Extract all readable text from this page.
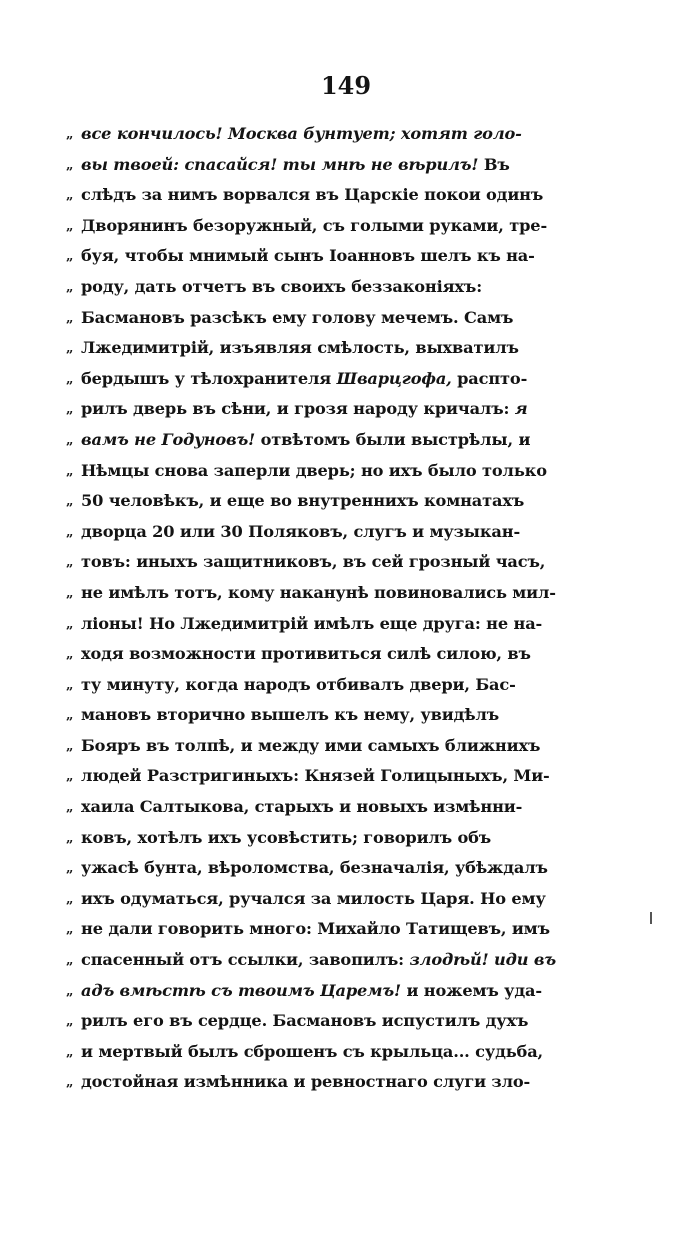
149
„все кончилось! Москва бунтует; хотят голо-
„вы твоей: спасайся! ты мнѣ не вѣрилъ! Въ
„слѣдъ за нимъ ворвался въ Царскіе покои одинъ
„Дворянинъ безоружный, съ голыми руками, тре-
„буя, чтобы мнимый сынъ Іоанновъ шелъ къ на-
„роду, дать отчетъ въ своихъ беззаконіяхъ:
„Басмановъ разсѣкъ ему голову мечемъ. Самъ
„Лжедимитрій, изъявляя смѣлость, выхватилъ
„бердышъ у тѣлохранителя Шварцгофа, распто-
„рилъ дверь въ сѣни, и грозя народу кричалъ: я
„вамъ не Годуновъ! отвѣтомъ были выстрѣлы, и
„Нѣмцы снова заперли дверь; но ихъ было только
„50 человѣкъ, и еще во внутреннихъ комнатахъ
„дворца 20 или 30 Поляковъ, слугъ и музыкан-
„товъ: иныхъ защитниковъ, въ сей грозный часъ,
„не имѣлъ тотъ, кому наканунѣ повиновались мил-
„ліоны! Но Лжедимитрій имѣлъ еще друга: не на-
„ходя возможности противиться силѣ силою, въ
„ту минуту, когда народъ отбивалъ двери, Бас-
„мановъ вторично вышелъ къ нему, увидѣлъ
„Бояръ въ толпѣ, и между ими самыхъ ближнихъ
„людей Разстригиныхъ: Князей Голицыныхъ, Ми-
„хаила Салтыкова, старыхъ и новыхъ измѣнни-
„ковъ, хотѣлъ ихъ усовѣстить; говорилъ объ
„ужасѣ бунта, вѣроломства, безначалія, убѣждалъ
„ихъ одуматься, ручался за милость Царя. Но ему
„не дали говорить много: Михайло Татищевъ, имъ
„спасенный отъ ссылки, завопилъ: злодѣй! иди въ
„адъ вмѣстѣ съ твоимъ Царемъ! и ножемъ уда-
„рилъ его въ сердце. Басмановъ испустилъ духъ
„и мертвый былъ сброшенъ съ крыльца... судьба,
„достойная измѣнника и ревностнаго слуги зло-
